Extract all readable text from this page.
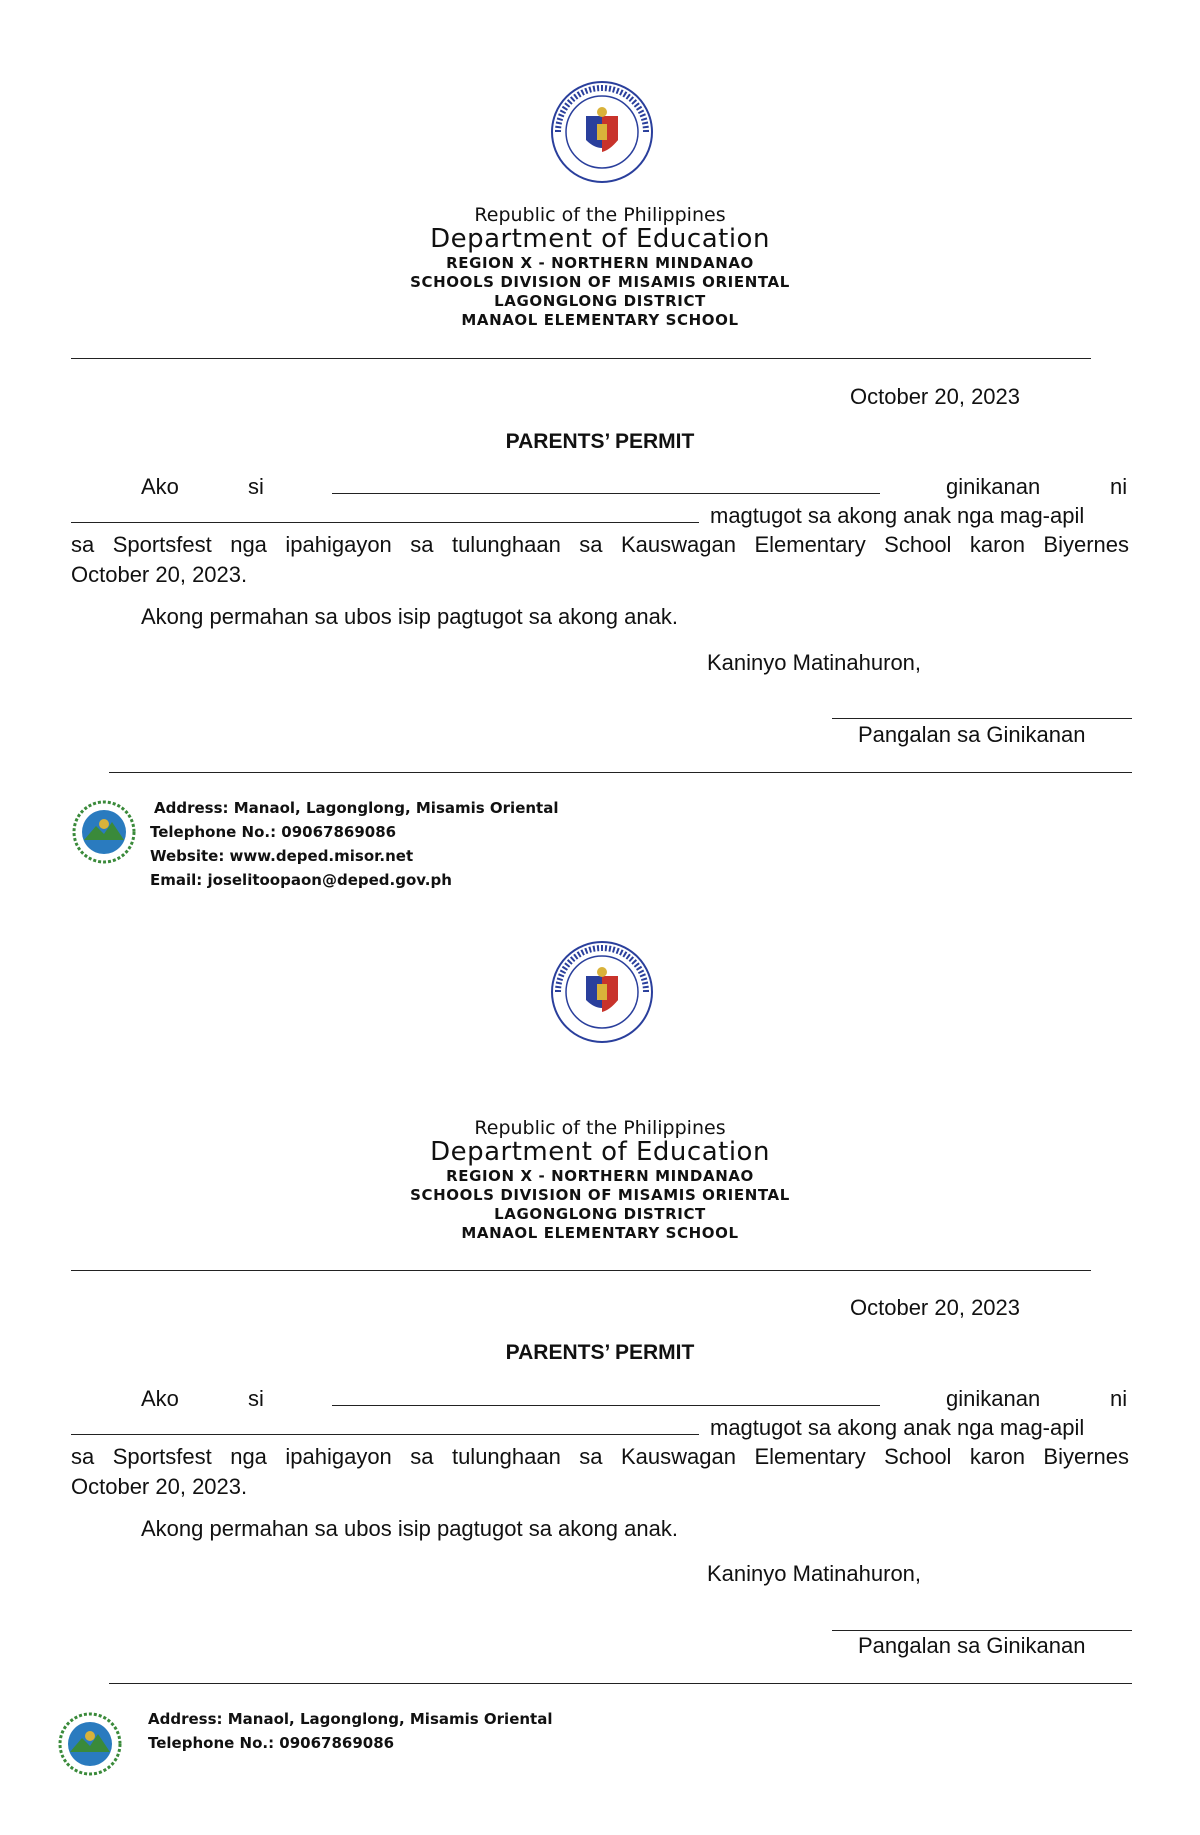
Republic of the Philippines
Department of Education
REGION X - NORTHERN MINDANAO
SCHOOLS DIVISION OF MISAMIS ORIENTAL
LAGONGLONG DISTRICT
MANAOL ELEMENTARY SCHOOL
October 20, 2023
PARENTS’ PERMIT
Ako	si	ginikanan	ni
magtugot sa akong anak nga mag-apil
sa Sportsfest nga ipahigayon sa tulunghaan sa Kauswagan Elementary School karon Biyernes
October 20, 2023.
Akong permahan sa ubos isip pagtugot sa akong anak.
Kaninyo Matinahuron,
Pangalan sa Ginikanan
Address: Manaol, Lagonglong, Misamis Oriental
Telephone No.: 09067869086
Website: www.deped.misor.net
Email: joselitoopaon@deped.gov.ph
Republic of the Philippines
Department of Education
REGION X - NORTHERN MINDANAO
SCHOOLS DIVISION OF MISAMIS ORIENTAL
LAGONGLONG DISTRICT
MANAOL ELEMENTARY SCHOOL
October 20, 2023
PARENTS’ PERMIT
Ako	si	ginikanan	ni
magtugot sa akong anak nga mag-apil
sa Sportsfest nga ipahigayon sa tulunghaan sa Kauswagan Elementary School karon Biyernes
October 20, 2023.
Akong permahan sa ubos isip pagtugot sa akong anak.
Kaninyo Matinahuron,
Pangalan sa Ginikanan
Address: Manaol, Lagonglong, Misamis Oriental
Telephone No.: 09067869086
